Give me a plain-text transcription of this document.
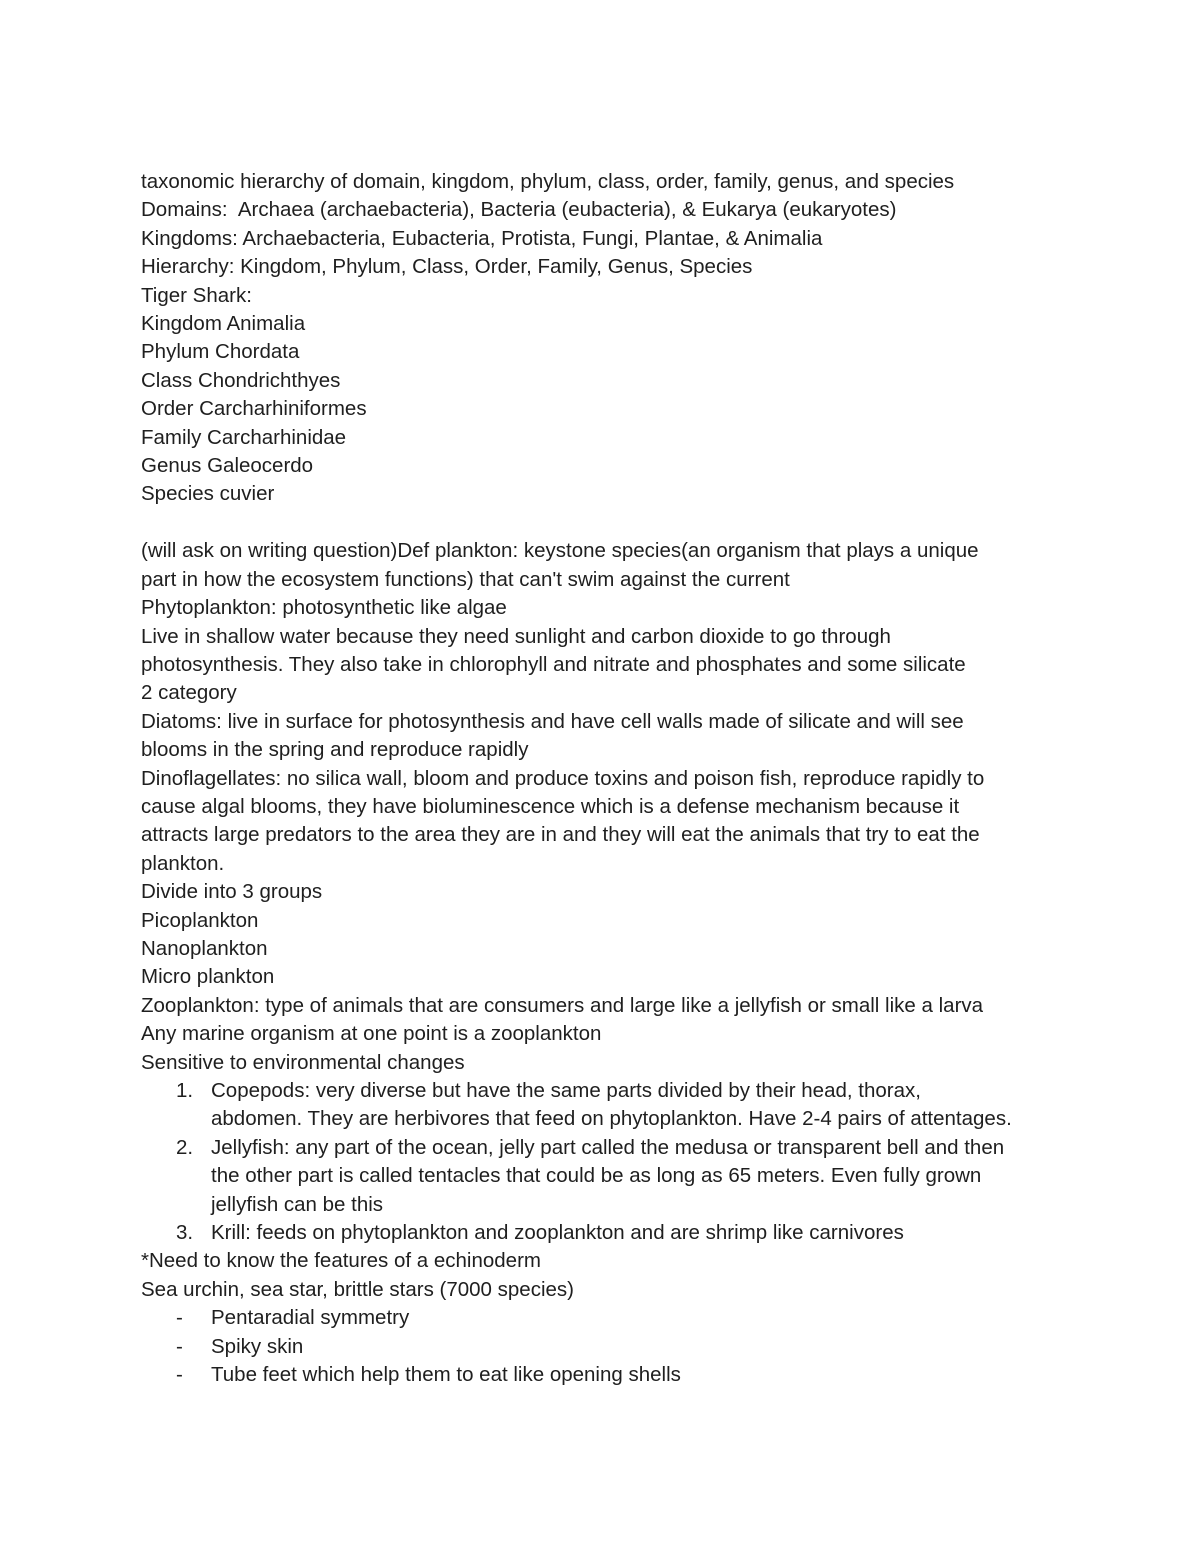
taxonomic hierarchy of domain, kingdom, phylum, class, order, family, genus, and species

Domains:  Archaea (archaebacteria), Bacteria (eubacteria), & Eukarya (eukaryotes)

Kingdoms: Archaebacteria, Eubacteria, Protista, Fungi, Plantae, & Animalia

Hierarchy: Kingdom, Phylum, Class, Order, Family, Genus, Species

Tiger Shark:

Kingdom Animalia

Phylum Chordata

Class Chondrichthyes

Order Carcharhiniformes

Family Carcharhinidae

Genus Galeocerdo

Species cuvier

(will ask on writing question)Def plankton: keystone species(an organism that plays a unique

part in how the ecosystem functions) that can't swim against the current

Phytoplankton: photosynthetic like algae

Live in shallow water because they need sunlight and carbon dioxide to go through

photosynthesis. They also take in chlorophyll and nitrate and phosphates and some silicate

2 category

Diatoms: live in surface for photosynthesis and have cell walls made of silicate and will see

blooms in the spring and reproduce rapidly

Dinoflagellates: no silica wall, bloom and produce toxins and poison fish, reproduce rapidly to

cause algal blooms, they have bioluminescence which is a defense mechanism because it

attracts large predators to the area they are in and they will eat the animals that try to eat the

plankton.

Divide into 3 groups

Picoplankton

Nanoplankton

Micro plankton

Zooplankton: type of animals that are consumers and large like a jellyfish or small like a larva

Any marine organism at one point is a zooplankton

Sensitive to environmental changes

1. Copepods: very diverse but have the same parts divided by their head, thorax,
abdomen. They are herbivores that feed on phytoplankton. Have 2-4 pairs of attentages.
2. Jellyfish: any part of the ocean, jelly part called the medusa or transparent bell and then
the other part is called tentacles that could be as long as 65 meters. Even fully grown
jellyfish can be this
3. Krill: feeds on phytoplankton and zooplankton and are shrimp like carnivores

*Need to know the features of a echinoderm

Sea urchin, sea star, brittle stars (7000 species)

- Pentaradial symmetry
- Spiky skin
- Tube feet which help them to eat like opening shells
